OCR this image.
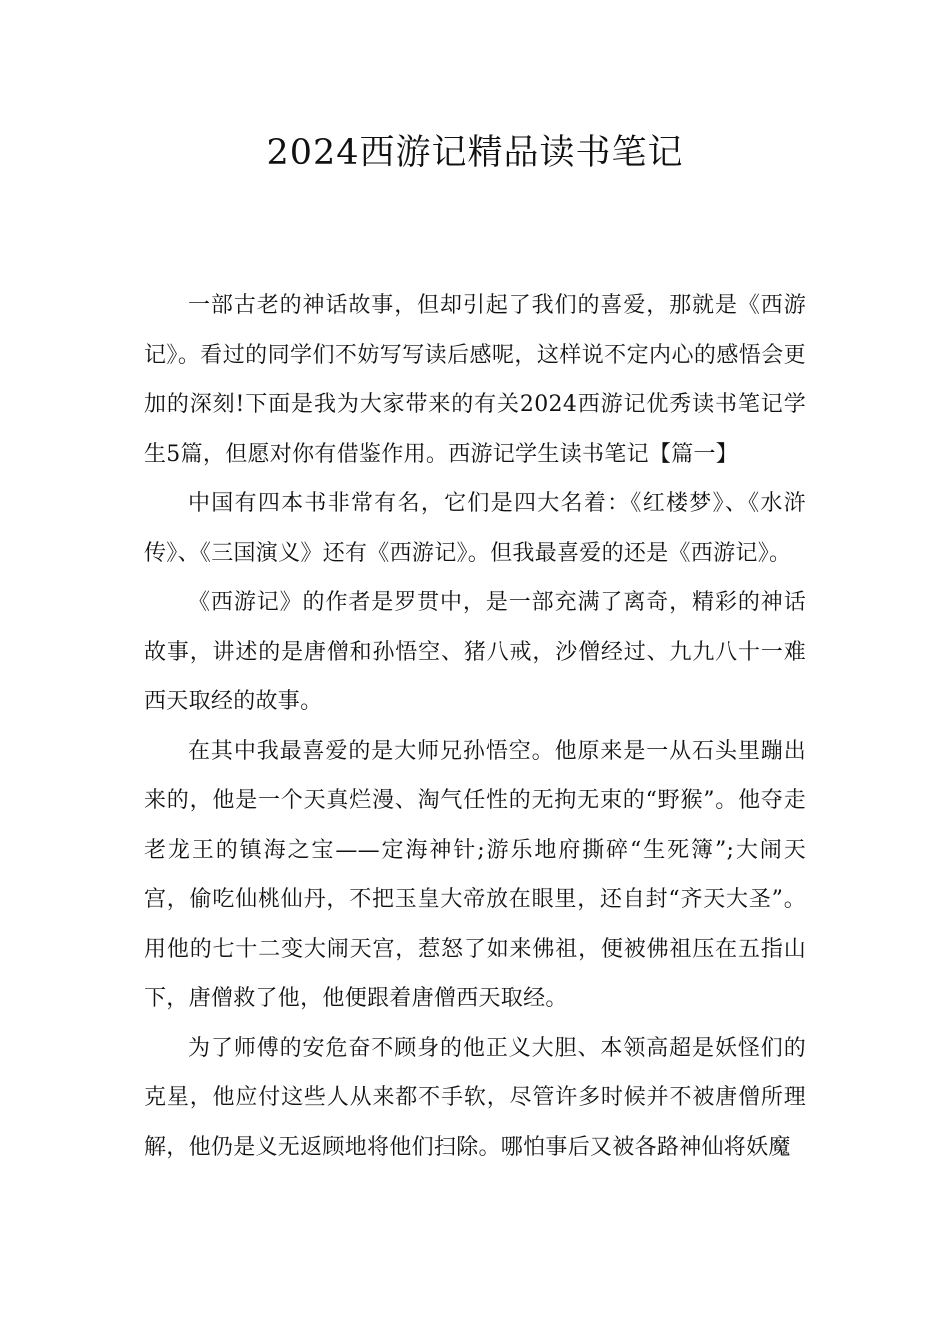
2024西游记精品读书笔记

一部古老的神话故事，但却引起了我们的喜爱，那就是《西游记》。看过的同学们不妨写写读后感呢，这样说不定内心的感悟会更加的深刻!下面是我为大家带来的有关2024西游记优秀读书笔记学生5篇，但愿对你有借鉴作用。西游记学生读书笔记【篇一】

中国有四本书非常有名，它们是四大名着：《红楼梦》、《水浒传》、《三国演义》还有《西游记》。但我最喜爱的还是《西游记》。

《西游记》的作者是罗贯中，是一部充满了离奇，精彩的神话故事，讲述的是唐僧和孙悟空、猪八戒，沙僧经过、九九八十一难西天取经的故事。

在其中我最喜爱的是大师兄孙悟空。他原来是一从石头里蹦出来的，他是一个天真烂漫、淘气任性的无拘无束的“野猴”。他夺走老龙王的镇海之宝——定海神针;游乐地府撕碎“生死簿”;大闹天宫，偷吃仙桃仙丹，不把玉皇大帝放在眼里，还自封“齐天大圣”。用他的七十二变大闹天宫，惹怒了如来佛祖，便被佛祖压在五指山下，唐僧救了他，他便跟着唐僧西天取经。

为了师傅的安危奋不顾身的他正义大胆、本领高超是妖怪们的克星，他应付这些人从来都不手软，尽管许多时候并不被唐僧所理解，他仍是义无返顾地将他们扫除。哪怕事后又被各路神仙将妖魔
